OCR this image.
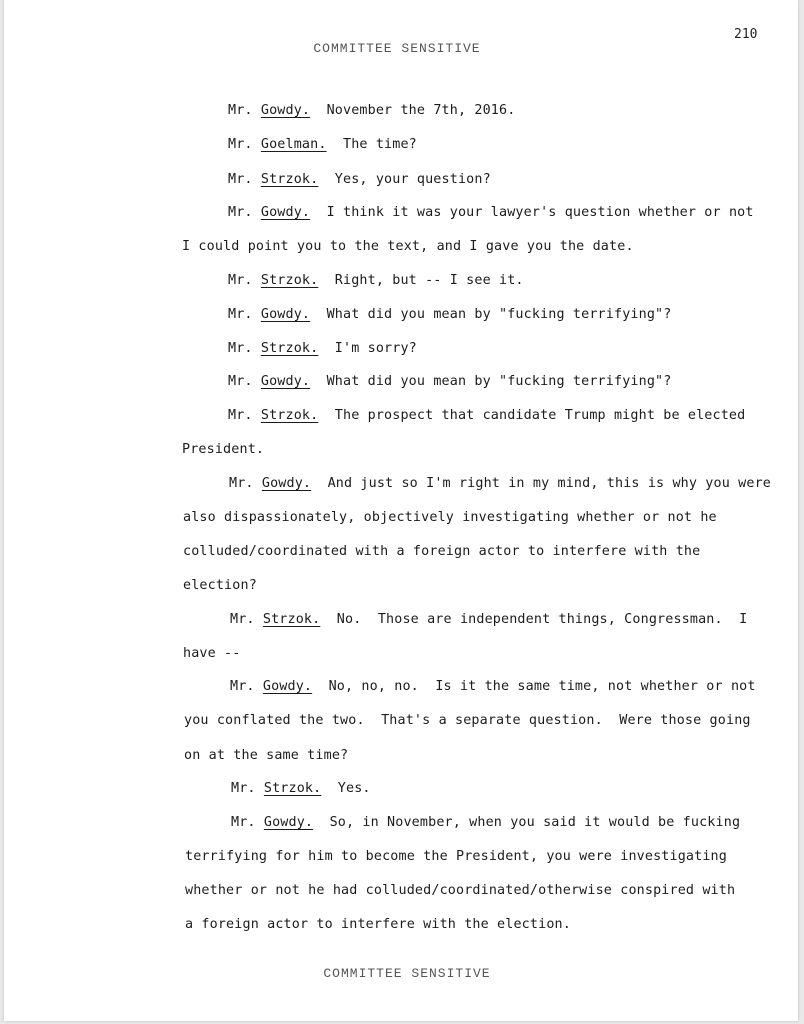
210
COMMITTEE SENSITIVE
Mr. Gowdy.  November the 7th, 2016.
Mr. Goelman.  The time?
Mr. Strzok.  Yes, your question?
Mr. Gowdy.  I think it was your lawyer's question whether or not
I could point you to the text, and I gave you the date.
Mr. Strzok.  Right, but -- I see it.
Mr. Gowdy.  What did you mean by "fucking terrifying"?
Mr. Strzok.  I'm sorry?
Mr. Gowdy.  What did you mean by "fucking terrifying"?
Mr. Strzok.  The prospect that candidate Trump might be elected
President.
Mr. Gowdy.  And just so I'm right in my mind, this is why you were
also dispassionately, objectively investigating whether or not he
colluded/coordinated with a foreign actor to interfere with the
election?
Mr. Strzok.  No.  Those are independent things, Congressman.  I
have --
Mr. Gowdy.  No, no, no.  Is it the same time, not whether or not
you conflated the two.  That's a separate question.  Were those going
on at the same time?
Mr. Strzok.  Yes.
Mr. Gowdy.  So, in November, when you said it would be fucking
terrifying for him to become the President, you were investigating
whether or not he had colluded/coordinated/otherwise conspired with
a foreign actor to interfere with the election.
COMMITTEE SENSITIVE
